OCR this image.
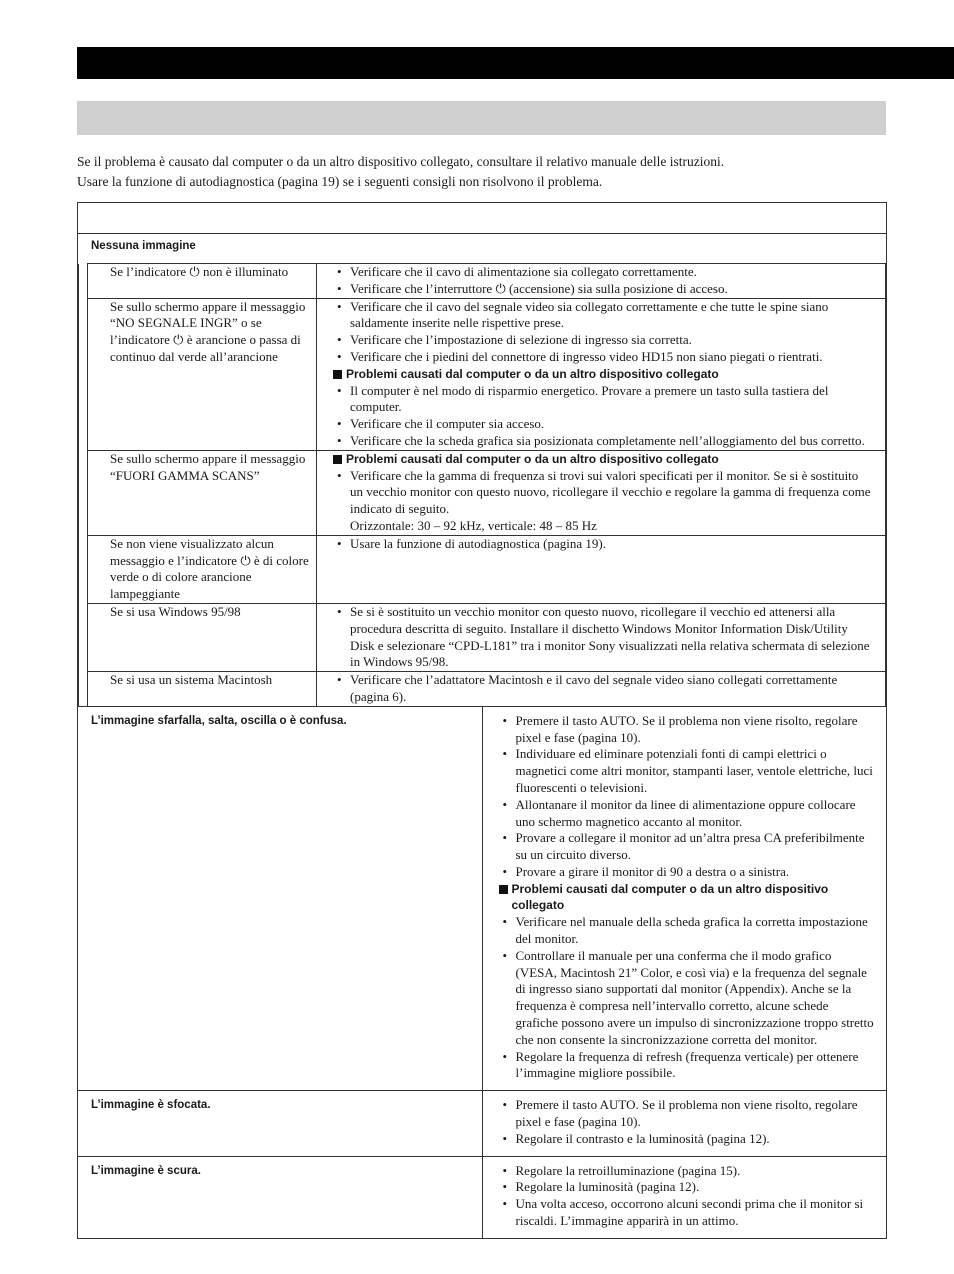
Se il problema è causato dal computer o da un altro dispositivo collegato, consultare il relativo manuale delle istruzioni.

Usare la funzione di autodiagnostica (pagina 19) se i seguenti consigli non risolvono il problema.

Nessuna immagine
	Se l’indicatore ⏻ non è illuminato	
•Verificare che il cavo di alimentazione sia collegato correttamente.
• Verificare che l’interruttore ⏻ (accensione) sia sulla posizione di acceso.

	Se sullo schermo appare il messaggio “NO SEGNALE INGR” o se l’indicatore ⏻ è arancione o passa di continuo dal verde all’arancione	
• Verificare che il cavo del segnale video sia collegato correttamente e che tutte le spine siano saldamente inserite nelle rispettive prese.
• Verificare che l’impostazione di selezione di ingresso sia corretta.
• Verificare che i piedini del connettore di ingresso video HD15 non siano piegati o rientrati.
Problemi causati dal computer o da un altro dispositivo collegato
• Il computer è nel modo di risparmio energetico. Provare a premere un tasto sulla tastiera del computer.
• Verificare che il computer sia acceso.
• Verificare che la scheda grafica sia posizionata completamente nell’alloggiamento del bus corretto.

	Se sullo schermo appare il messaggio “FUORI GAMMA SCANS”	
Problemi causati dal computer o da un altro dispositivo collegato
• Verificare che la gamma di frequenza si trovi sui valori specificati per il monitor. Se si è sostituito un vecchio monitor con questo nuovo, ricollegare il vecchio e regolare la gamma di frequenza come indicato di seguito.
Orizzontale: 30 – 92 kHz, verticale: 48 – 85 Hz

	Se non viene visualizzato alcun messaggio e l’indicatore ⏻ è di colore verde o di colore arancione lampeggiante	
• Usare la funzione di autodiagnostica (pagina 19).

	Se si usa Windows 95/98	
•Se si è sostituito un vecchio monitor con questo nuovo, ricollegare il vecchio ed attenersi alla procedura descritta di seguito. Installare il dischetto Windows Monitor Information Disk/Utility Disk e selezionare “CPD-L181” tra i monitor Sony visualizzati nella relativa schermata di selezione in Windows 95/98.

	Se si usa un sistema Macintosh	
•Verificare che l’adattatore Macintosh e il cavo del segnale video siano collegati correttamente (pagina 6).

L’immagine sfarfalla, salta, oscilla o è confusa.	
•Premere il tasto AUTO. Se il problema non viene risolto, regolare pixel e fase (pagina 10).
• Individuare ed eliminare potenziali fonti di campi elettrici o magnetici come altri monitor, stampanti laser, ventole elettriche, luci fluorescenti o televisioni.
• Allontanare il monitor da linee di alimentazione oppure collocare uno schermo magnetico accanto al monitor.
• Provare a collegare il monitor ad un’altra presa CA preferibilmente su un circuito diverso.
• Provare a girare il monitor di 90 a destra o a sinistra.
Problemi causati dal computer o da un altro dispositivo collegato
• Verificare nel manuale della scheda grafica la corretta impostazione del monitor.
• Controllare il manuale per una conferma che il modo grafico (VESA, Macintosh 21” Color, e così via) e la frequenza del segnale di ingresso siano supportati dal monitor (Appendix). Anche se la frequenza è compresa nell’intervallo corretto, alcune schede grafiche possono avere un impulso di sincronizzazione troppo stretto che non consente la sincronizzazione corretta del monitor.
• Regolare la frequenza di refresh (frequenza verticale) per ottenere l’immagine migliore possibile.

L’immagine è sfocata.	
•Premere il tasto AUTO. Se il problema non viene risolto, regolare pixel e fase (pagina 10).
• Regolare il contrasto e la luminosità (pagina 12).

L’immagine è scura.	
•Regolare la retroilluminazione (pagina 15).
• Regolare la luminosità (pagina 12).
• Una volta acceso, occorrono alcuni secondi prima che il monitor si riscaldi. L’immagine apparirà in un attimo.
